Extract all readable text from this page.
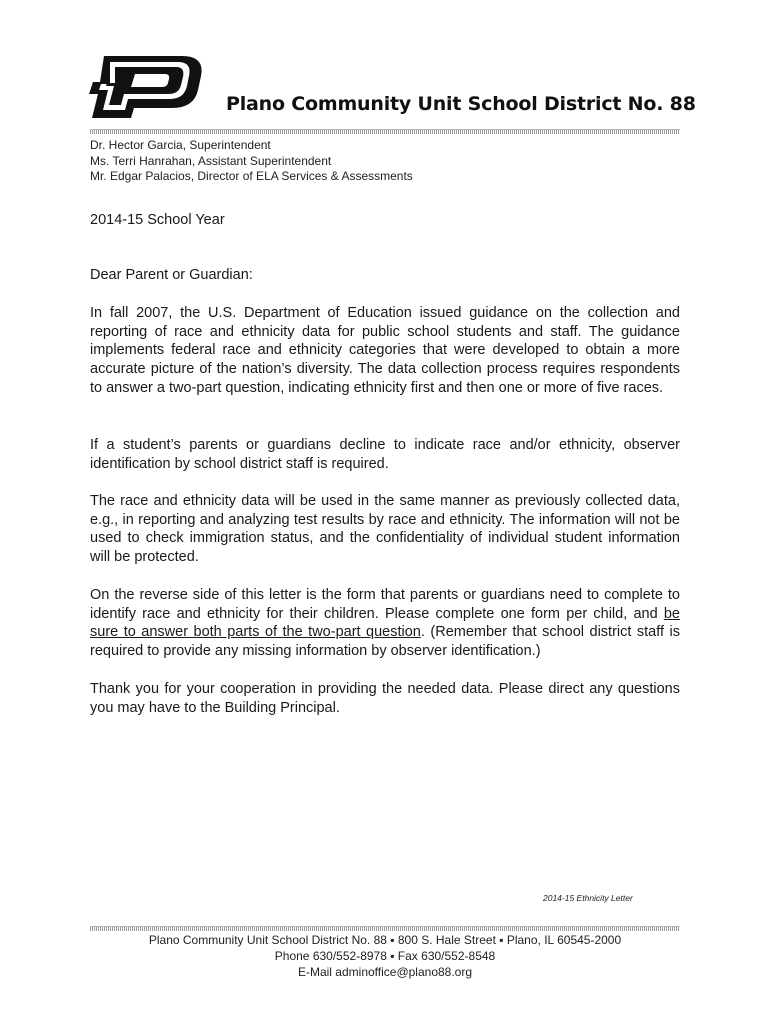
Plano Community Unit School District No. 88
Dr. Hector Garcia, Superintendent
Ms. Terri Hanrahan, Assistant Superintendent
Mr. Edgar Palacios, Director of ELA Services & Assessments
2014-15 School Year
Dear Parent or Guardian:

In fall 2007, the U.S. Department of Education issued guidance on the collection and reporting of race and ethnicity data for public school students and staff. The guidance implements federal race and ethnicity categories that were developed to obtain a more accurate picture of the nation’s diversity. The data collection process requires respondents to answer a two-part question, indicating ethnicity first and then one or more of five races.

If a student’s parents or guardians decline to indicate race and/or ethnicity, observer identification by school district staff is required.

The race and ethnicity data will be used in the same manner as previously collected data, e.g., in reporting and analyzing test results by race and ethnicity. The information will not be used to check immigration status, and the confidentiality of individual student information will be protected.

On the reverse side of this letter is the form that parents or guardians need to complete to identify race and ethnicity for their children. Please complete one form per child, and be sure to answer both parts of the two-part question. (Remember that school district staff is required to provide any missing information by observer identification.)

Thank you for your cooperation in providing the needed data. Please direct any questions you may have to the Building Principal.

2014-15 Ethnicity Letter
Plano Community Unit School District No. 88 ▪ 800 S. Hale Street ▪ Plano, IL 60545-2000
Phone 630/552-8978 ▪ Fax 630/552-8548
E-Mail adminoffice@plano88.org
